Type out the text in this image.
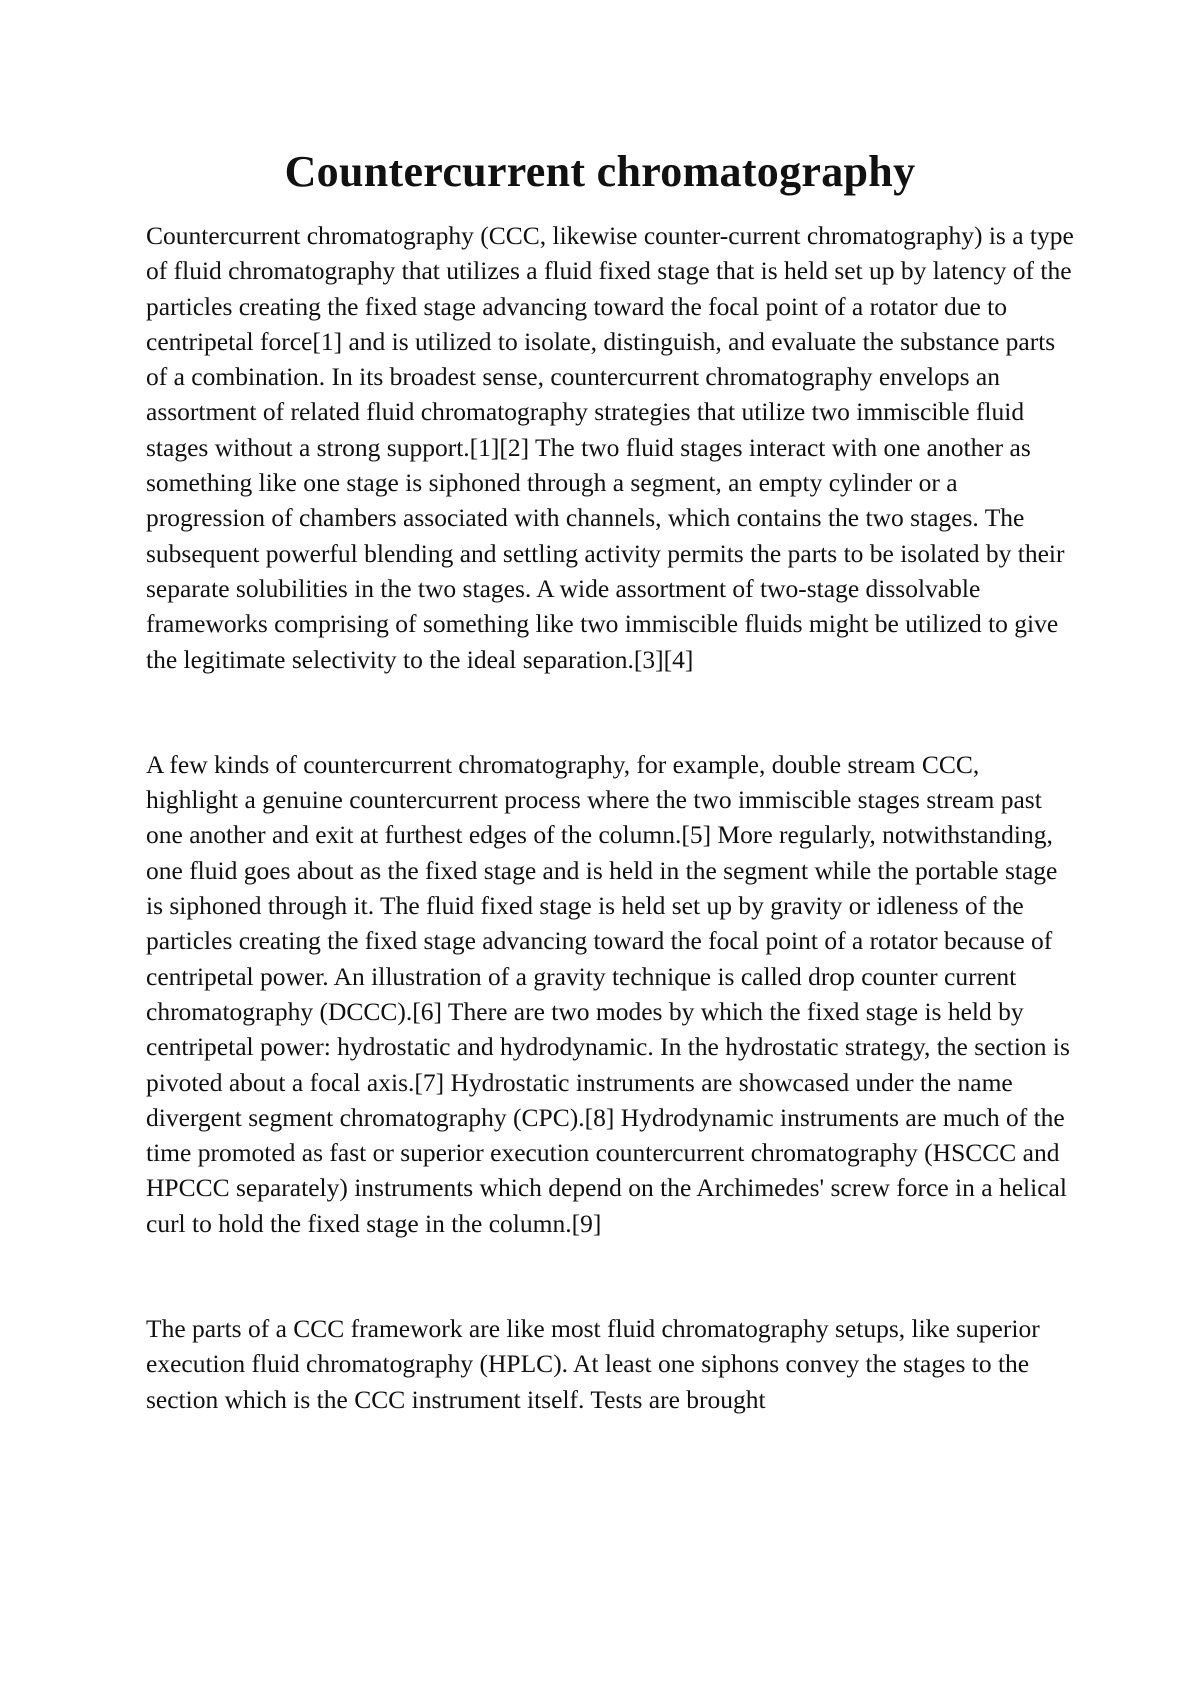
Countercurrent chromatography

Countercurrent chromatography (CCC, likewise counter-current chromatography) is a type of fluid chromatography that utilizes a fluid fixed stage that is held set up by latency of the particles creating the fixed stage advancing toward the focal point of a rotator due to centripetal force[1] and is utilized to isolate, distinguish, and evaluate the substance parts of a combination. In its broadest sense, countercurrent chromatography envelops an assortment of related fluid chromatography strategies that utilize two immiscible fluid stages without a strong support.[1][2] The two fluid stages interact with one another as something like one stage is siphoned through a segment, an empty cylinder or a progression of chambers associated with channels, which contains the two stages. The subsequent powerful blending and settling activity permits the parts to be isolated by their separate solubilities in the two stages. A wide assortment of two-stage dissolvable frameworks comprising of something like two immiscible fluids might be utilized to give the legitimate selectivity to the ideal separation.[3][4]

A few kinds of countercurrent chromatography, for example, double stream CCC, highlight a genuine countercurrent process where the two immiscible stages stream past one another and exit at furthest edges of the column.[5] More regularly, notwithstanding, one fluid goes about as the fixed stage and is held in the segment while the portable stage is siphoned through it. The fluid fixed stage is held set up by gravity or idleness of the particles creating the fixed stage advancing toward the focal point of a rotator because of centripetal power. An illustration of a gravity technique is called drop counter current chromatography (DCCC).[6] There are two modes by which the fixed stage is held by centripetal power: hydrostatic and hydrodynamic. In the hydrostatic strategy, the section is pivoted about a focal axis.[7] Hydrostatic instruments are showcased under the name divergent segment chromatography (CPC).[8] Hydrodynamic instruments are much of the time promoted as fast or superior execution countercurrent chromatography (HSCCC and HPCCC separately) instruments which depend on the Archimedes' screw force in a helical curl to hold the fixed stage in the column.[9]

The parts of a CCC framework are like most fluid chromatography setups, like superior execution fluid chromatography (HPLC). At least one siphons convey the stages to the section which is the CCC instrument itself. Tests are brought
